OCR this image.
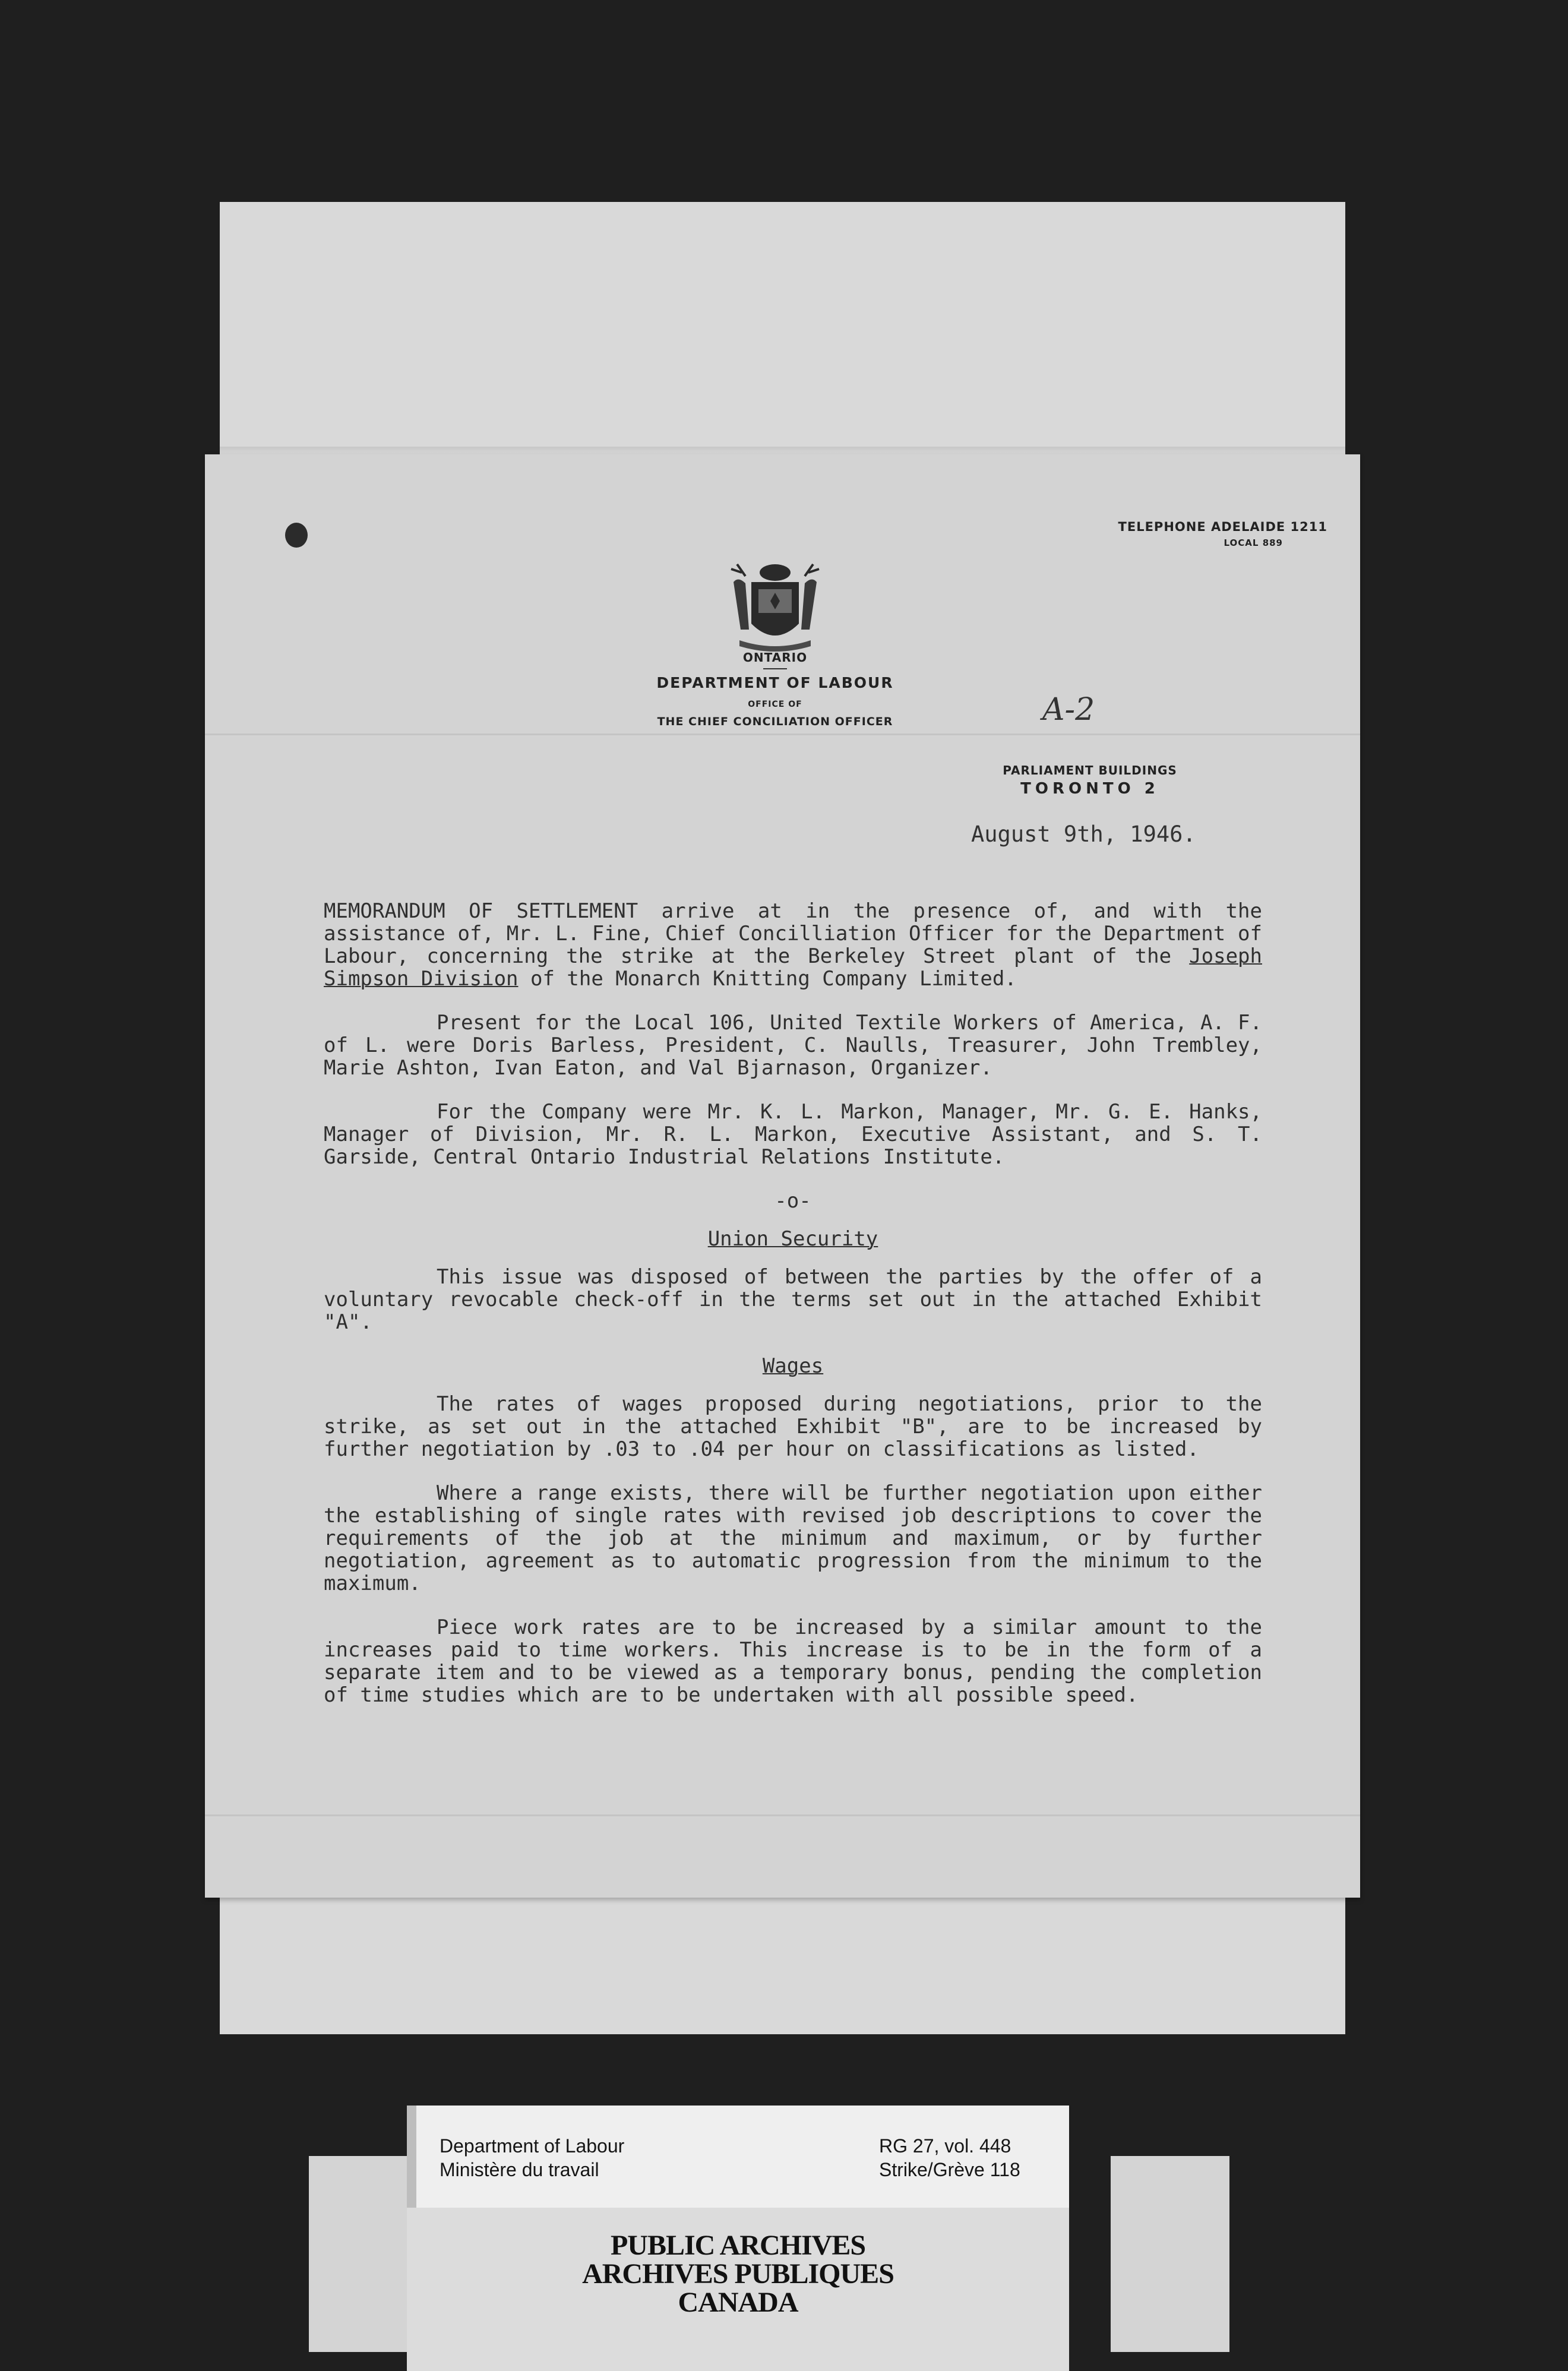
TELEPHONE ADELAIDE 1211
LOCAL 889
ONTARIO
DEPARTMENT OF LABOUR
OFFICE OF
THE CHIEF CONCILIATION OFFICER	A-2
PARLIAMENT BUILDINGS
TORONTO 2
August 9th, 1946.

MEMORANDUM OF SETTLEMENT arrive at in the presence of, and with the assistance of, Mr. L. Fine, Chief Concilliation Officer for the Department of Labour, concerning the strike at the Berkeley Street plant of the Joseph Simpson Division of the Monarch Knitting Company Limited.

Present for the Local 106, United Textile Workers of America, A. F. of L. were Doris Barless, President, C. Naulls, Treasurer, John Trembley, Marie Ashton, Ivan Eaton, and Val Bjarnason, Organizer.

For the Company were Mr. K. L. Markon, Manager, Mr. G. E. Hanks, Manager of Division, Mr. R. L. Markon, Executive Assistant, and S. T. Garside, Central Ontario Industrial Relations Institute.

-o-

Union Security

This issue was disposed of between the parties by the offer of a voluntary revocable check-off in the terms set out in the attached Exhibit "A".

Wages

The rates of wages proposed during negotiations, prior to the strike, as set out in the attached Exhibit "B", are to be increased by further negotiation by .03 to .04 per hour on classifications as listed.

Where a range exists, there will be further negotiation upon either the establishing of single rates with revised job descriptions to cover the requirements of the job at the minimum and maximum, or by further negotiation, agreement as to automatic progression from the minimum to the maximum.

Piece work rates are to be increased by a similar amount to the increases paid to time workers. This increase is to be in the form of a separate item and to be viewed as a temporary bonus, pending the completion of time studies which are to be undertaken with all possible speed.

Department of Labour
Ministère du travail
RG 27, vol. 448
Strike/Grève 118
PUBLIC ARCHIVES
ARCHIVES PUBLIQUES
CANADA
